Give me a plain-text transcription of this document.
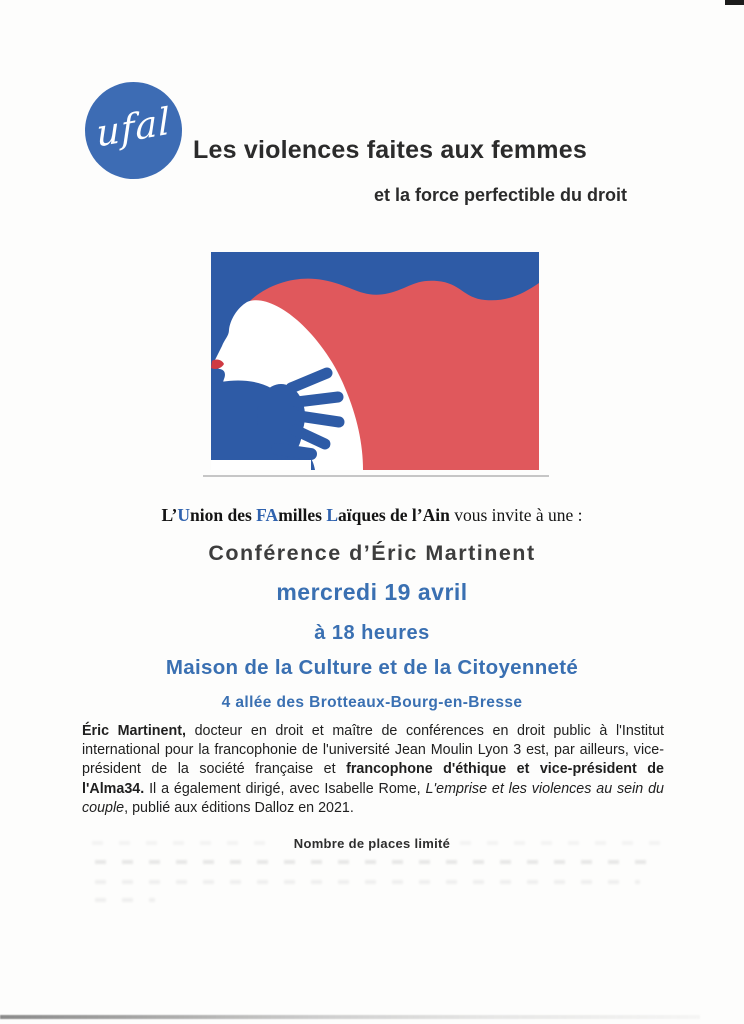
ufal Les violences faites aux femmes
et la force perfectible du droit
L’Union des FAmilles Laïques de l’Ain vous invite à une :
Conférence d’Éric Martinent
mercredi 19 avril
à 18 heures
Maison de la Culture et de la Citoyenneté
4 allée des Brotteaux-Bourg-en-Bresse
Éric Martinent, docteur en droit et maître de conférences en droit public à l'Institut international pour la francophonie de l'université Jean Moulin Lyon 3 est, par ailleurs, vice-président de la société française et francophone d'éthique et vice-président de l'Alma34. Il a également dirigé, avec Isabelle Rome, L'emprise et les violences au sein du couple, publié aux éditions Dalloz en 2021.
Nombre de places limité
